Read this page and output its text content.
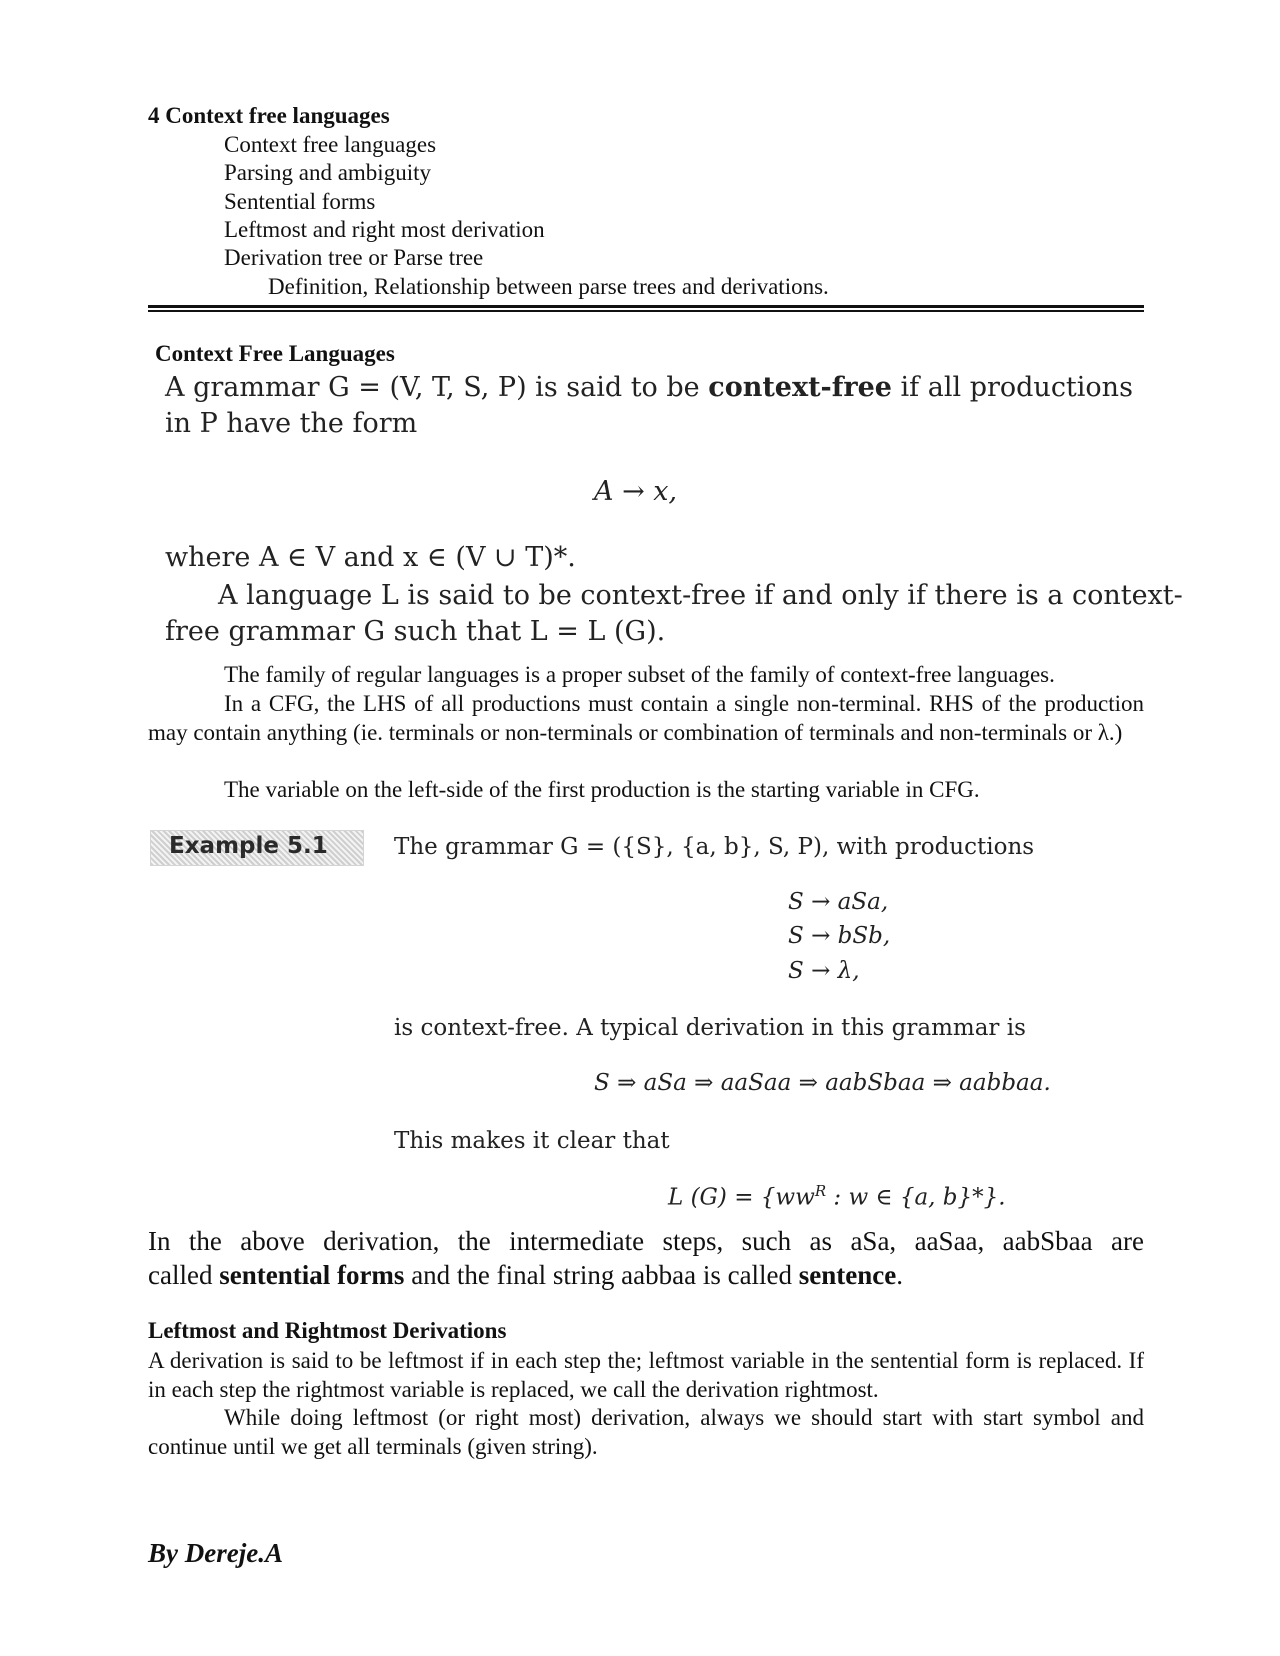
4 Context free languages
Context free languages
Parsing and ambiguity
Sentential forms
Leftmost and right most derivation
Derivation tree or Parse tree
Definition, Relationship between parse trees and derivations.
Context Free Languages
A grammar G = (V, T, S, P) is said to be context-free if all productions
in P have the form
A → x,
where A ∈ V and x ∈ (V ∪ T)*.
A language L is said to be context-free if and only if there is a context-
free grammar G such that L = L (G).
The family of regular languages is a proper subset of the family of context-free languages.
In a CFG, the LHS of all productions must contain a single non-terminal. RHS of the production may contain anything (ie. terminals or non-terminals or combination of terminals and non-terminals or λ.)
The variable on the left-side of the first production is the starting variable in CFG.
Example 5.1	The grammar G = ({S}, {a, b}, S, P), with productions
S → aSa,
S → bSb,
S → λ,
is context-free. A typical derivation in this grammar is
S ⇒ aSa ⇒ aaSaa ⇒ aabSbaa ⇒ aabbaa.
This makes it clear that
L $(G) = \{ww^R$ : w ∈ {a, b}*}.
In the above derivation, the intermediate steps, such as aSa, aaSaa, aabSbaa are
called sentential forms and the final string aabbaa is called sentence.
Leftmost and Rightmost Derivations
A derivation is said to be leftmost if in each step the; leftmost variable in the sentential form is replaced. If in each step the rightmost variable is replaced, we call the derivation rightmost.
While doing leftmost (or right most) derivation, always we should start with start symbol and continue until we get all terminals (given string).
By Dereje.A
